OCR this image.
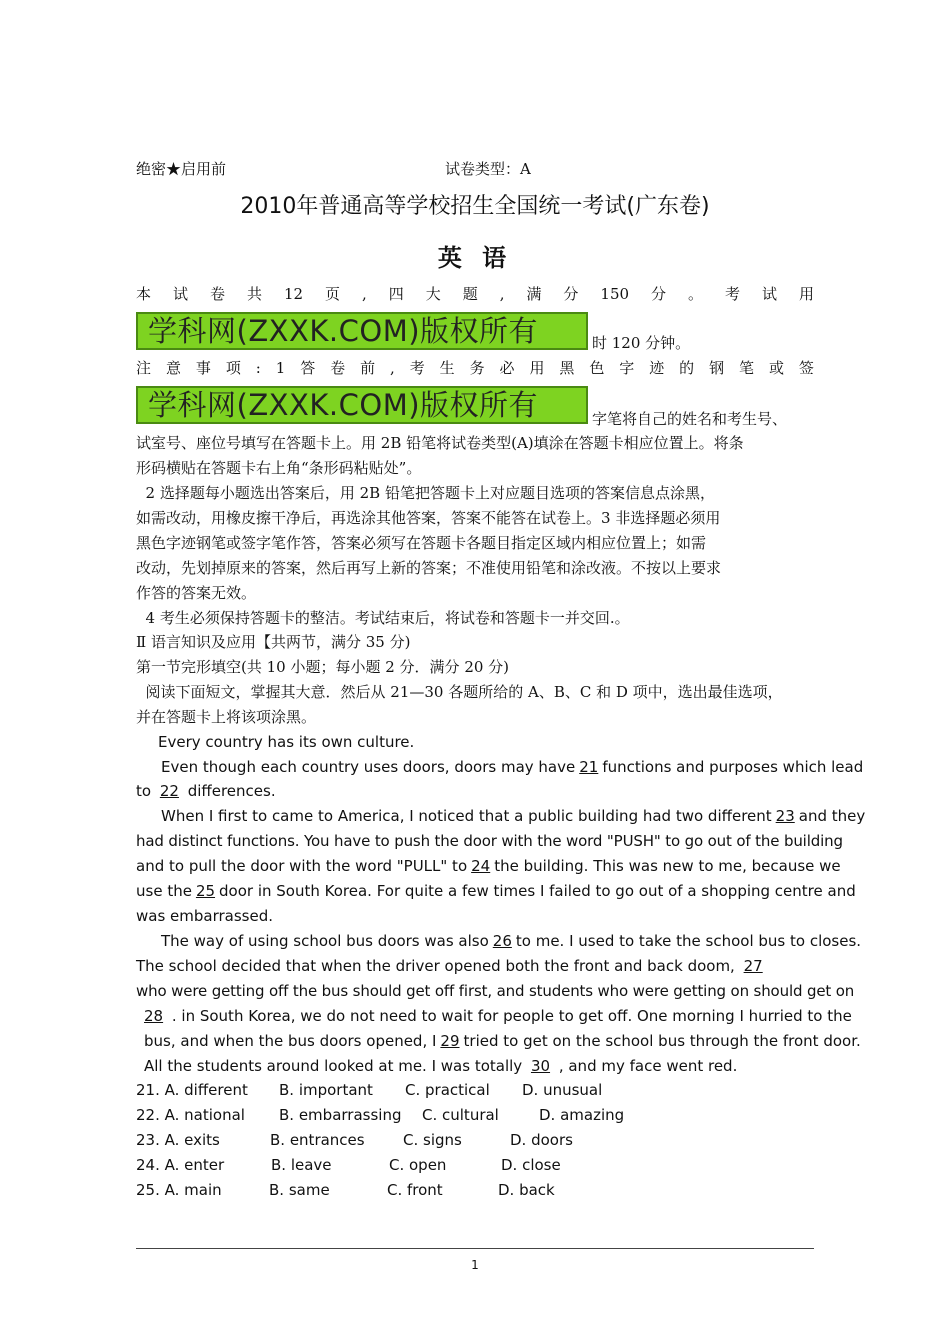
绝密★启用前	试卷类型：A
2010年普通高等学校招生全国统一考试(广东卷)
英 语
本 试 卷 共 12 页 , 四 大 题 , 满 分 150 分 。 考 试 用
学科网(ZXXK.COM)版权所有	时 120 分钟。
注 意 事 项 : 1 答 卷 前 , 考 生 务 必 用 黑 色 字 迹 的 钢 笔 或 签
学科网(ZXXK.COM)版权所有	字笔将自己的姓名和考生号、
试室号、座位号填写在答题卡上。用 2B 铅笔将试卷类型(A)填涂在答题卡相应位置上。将条
形码横贴在答题卡右上角“条形码粘贴处”。
2 选择题每小题选出答案后，用 2B 铅笔把答题卡上对应题目选项的答案信息点涂黑，
如需改动，用橡皮擦干净后，再选涂其他答案，答案不能答在试卷上。3 非选择题必须用
黑色字迹钢笔或签字笔作答，答案必须写在答题卡各题目指定区域内相应位置上；如需
改动，先划掉原来的答案，然后再写上新的答案；不准使用铅笔和涂改液。不按以上要求
作答的答案无效。
4 考生必须保持答题卡的整洁。考试结束后，将试卷和答题卡一并交回.。
Ⅱ 语言知识及应用【共两节，满分 35 分)
第一节完形填空(共 10 小题；每小题 2 分．满分 20 分)
阅读下面短文，掌握其大意．然后从 21—30 各题所给的 A、B、C 和 D 项中，选出最佳选项，
并在答题卡上将该项涂黑。
Every country has its own culture.
Even though each country uses doors, doors may have 21 functions and purposes which lead
to 22 differences.
When I first to came to America, I noticed that a public building had two different 23 and they
had distinct functions. You have to push the door with the word "PUSH" to go out of the building
and to pull the door with the word "PULL" to 24 the building. This was new to me, because we
use the 25 door in South Korea. For quite a few times I failed to go out of a shopping centre and
was embarrassed.
The way of using school bus doors was also 26 to me. I used to take the school bus to closes.
The school decided that when the driver opened both the front and back doom, 27
who were getting off the bus should get off first, and students who were getting on should get on
28 . in South Korea, we do not need to wait for people to get off. One morning I hurried to the
bus, and when the bus doors opened, I 29 tried to get on the school bus through the front door.
All the students around looked at me. I was totally 30 , and my face went red.
21. A. different B. important C. practical D. unusual
22. A. national B. embarrassing C. cultural	D. amazing
23. A. exits	B. entrances	C. signs	D. doors
24. A. enter	B. leave	C. open	D. close
25. A. main	B. same	C. front	D. back
1
